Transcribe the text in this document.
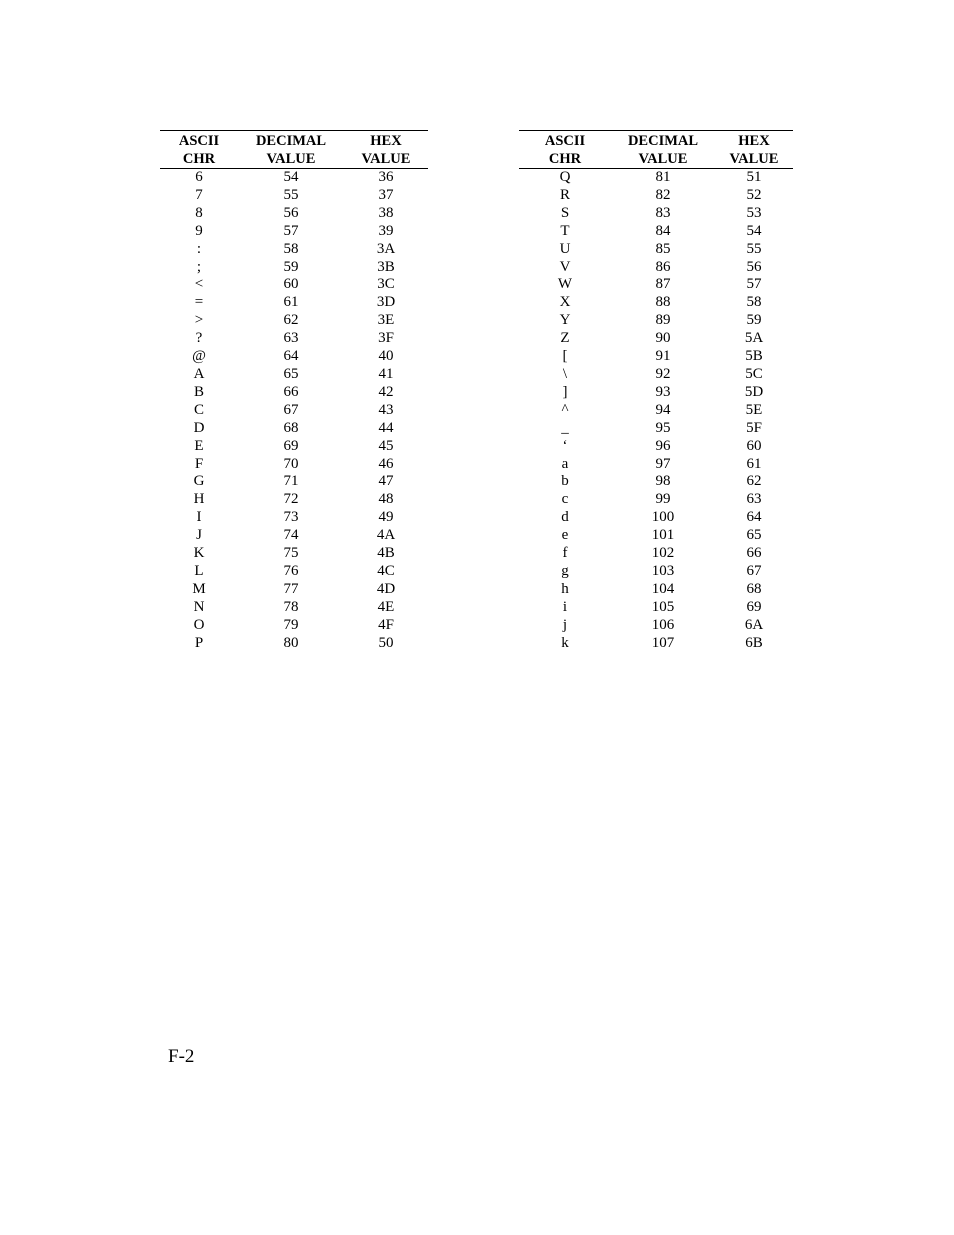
ASCII	DECIMAL	HEX
CHR	VALUE	VALUE
6	54	36
7	55	37
8	56	38
9	57	39
:	58	3A
;	59	3B
<	60	3C
=	61	3D
>	62	3E
?	63	3F
@	64	40
A	65	41
B	66	42
C	67	43
D	68	44
E	69	45
F	70	46
G	71	47
H	72	48
I	73	49
J	74	4A
K	75	4B
L	76	4C
M	77	4D
N	78	4E
O	79	4F
P	80	50
ASCII	DECIMAL	HEX
CHR	VALUE	VALUE
Q	81	51
R	82	52
S	83	53
T	84	54
U	85	55
V	86	56
W	87	57
X	88	58
Y	89	59
Z	90	5A
[	91	5B
\	92	5C
]	93	5D
^	94	5E
_	95	5F
‘	96	60
a	97	61
b	98	62
c	99	63
d	100	64
e	101	65
f	102	66
g	103	67
h	104	68
i	105	69
j	106	6A
k	107	6B
F-2
